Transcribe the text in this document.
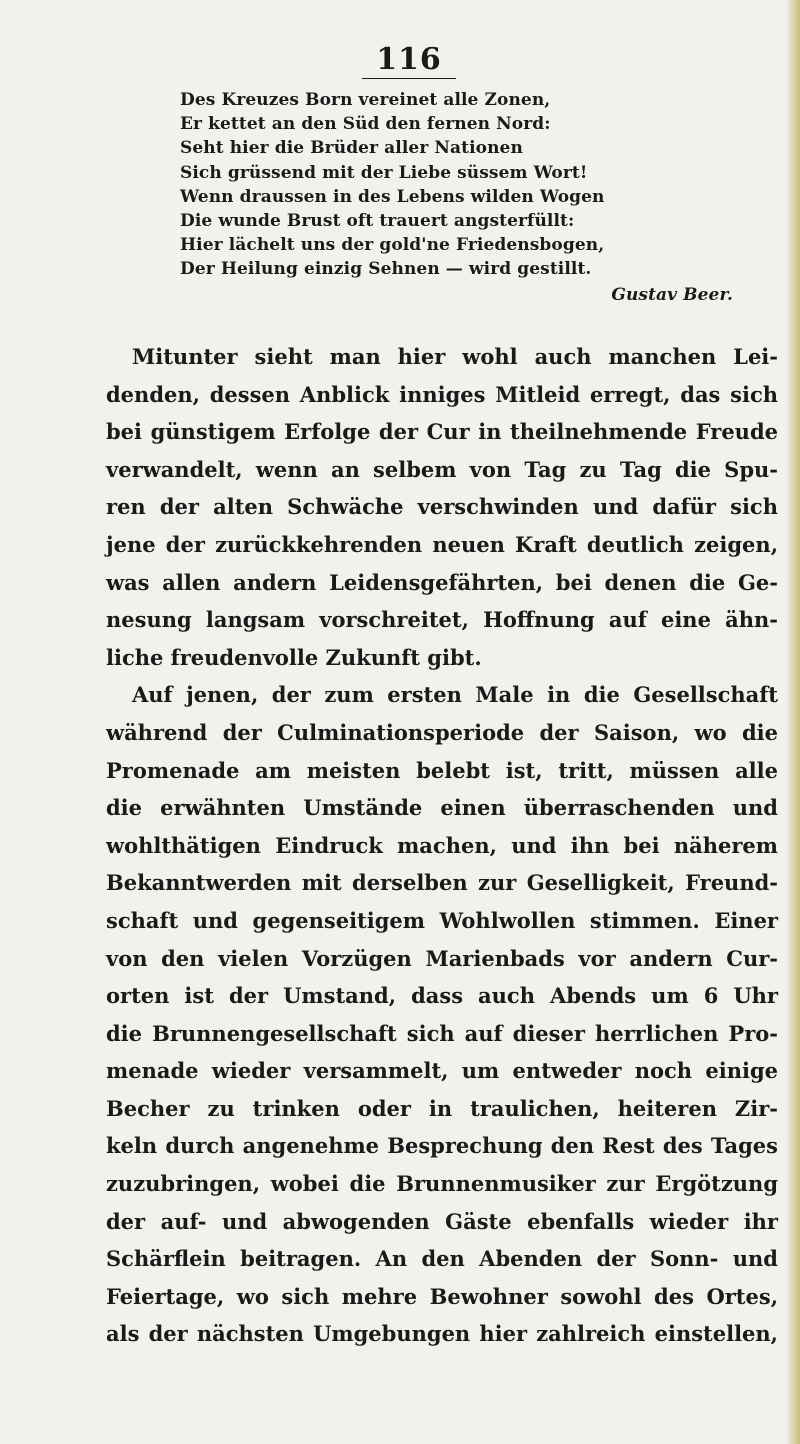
116
Des Kreuzes Born vereinet alle Zonen,
Er kettet an den Süd den fernen Nord:
Seht hier die Brüder aller Nationen
Sich grüssend mit der Liebe süssem Wort!
Wenn draussen in des Lebens wilden Wogen
Die wunde Brust oft trauert angsterfüllt:
Hier lächelt uns der gold'ne Friedensbogen,
Der Heilung einzig Sehnen — wird gestillt.
Gustav Beer.

Mitunter sieht man hier wohl auch manchen Lei-
denden, dessen Anblick inniges Mitleid erregt, das sich
bei günstigem Erfolge der Cur in theilnehmende Freude
verwandelt, wenn an selbem von Tag zu Tag die Spu-
ren der alten Schwäche verschwinden und dafür sich
jene der zurückkehrenden neuen Kraft deutlich zeigen,
was allen andern Leidensgefährten, bei denen die Ge-
nesung langsam vorschreitet, Hoffnung auf eine ähn-
liche freudenvolle Zukunft gibt.

Auf jenen, der zum ersten Male in die Gesellschaft
während der Culminationsperiode der Saison, wo die
Promenade am meisten belebt ist, tritt, müssen alle
die erwähnten Umstände einen überraschenden und
wohlthätigen Eindruck machen, und ihn bei näherem
Bekanntwerden mit derselben zur Geselligkeit, Freund-
schaft und gegenseitigem Wohlwollen stimmen. Einer
von den vielen Vorzügen Marienbads vor andern Cur-
orten ist der Umstand, dass auch Abends um 6 Uhr
die Brunnengesellschaft sich auf dieser herrlichen Pro-
menade wieder versammelt, um entweder noch einige
Becher zu trinken oder in traulichen, heiteren Zir-
keln durch angenehme Besprechung den Rest des Tages
zuzubringen, wobei die Brunnenmusiker zur Ergötzung
der auf- und abwogenden Gäste ebenfalls wieder ihr
Schärflein beitragen. An den Abenden der Sonn- und
Feiertage, wo sich mehre Bewohner sowohl des Ortes,
als der nächsten Umgebungen hier zahlreich einstellen,
